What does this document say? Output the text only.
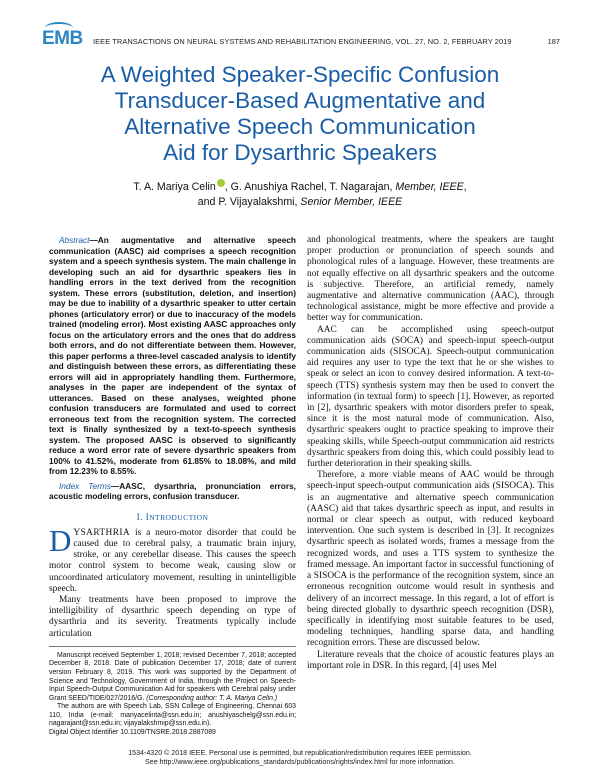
EMB IEEE TRANSACTIONS ON NEURAL SYSTEMS AND REHABILITATION ENGINEERING, VOL. 27, NO. 2, FEBRUARY 2019	187
A Weighted Speaker-Specific Confusion
Transducer-Based Augmentative and
Alternative Speech Communication
Aid for Dysarthric Speakers
T. A. Mariya Celin , G. Anushiya Rachel, T. Nagarajan, Member, IEEE,
and P. Vijayalakshmi, Senior Member, IEEE

Abstract—An augmentative and alternative speech communication (AASC) aid comprises a speech recognition system and a speech synthesis system. The main challenge in developing such an aid for dysarthric speakers lies in handling errors in the text derived from the recognition system. These errors (substitution, deletion, and insertion) may be due to inability of a dysarthric speaker to utter certain phones (articulatory error) or due to inaccuracy of the models trained (modeling error). Most existing AASC approaches only focus on the articulatory errors and the ones that do address both errors, and do not differentiate between them. However, this paper performs a three-level cascaded analysis to identify and distinguish between these errors, as differentiating these errors will aid in appropriately handling them. Furthermore, analyses in the paper are independent of the syntax of utterances. Based on these analyses, weighted phone confusion transducers are formulated and used to correct erroneous text from the recognition system. The corrected text is finally synthesized by a text-to-speech synthesis system. The proposed AASC is observed to significantly reduce a word error rate of severe dysarthric speakers from 100% to 41.52%, moderate from 61.85% to 18.08%, and mild from 12.23% to 8.55%.

Index Terms—AASC, dysarthria, pronunciation errors, acoustic modeling errors, confusion transducer.

I. INTRODUCTION

DYSARTHRIA is a neuro-motor disorder that could be caused due to cerebral palsy, a traumatic brain injury, stroke, or any cerebellar disease. This causes the speech motor control system to become weak, causing slow or uncoordinated articulatory movement, resulting in unintelligible speech.

Many treatments have been proposed to improve the intelligibility of dysarthric speech depending on type of dysarthria and its severity. Treatments typically include articulation

Manuscript received September 1, 2018; revised December 7, 2018; accepted December 8, 2018. Date of publication December 17, 2018; date of current version February 8, 2019. This work was supported by the Department of Science and Technology, Government of India, through the Project on Speech-Input Speech-Output Communication Aid for speakers with Cerebral palsy under Grant SEED/TIDE/027/2016/G. (Corresponding author: T. A. Mariya Celin.)

The authors are with Speech Lab, SSN College of Engineering, Chennai 603 110, India (e-mail: mariyacelinta@ssn.edu.in; anushiyaschelg@ssn.edu.in; nagarajant@ssn.edu.in; vijayalakshmip@ssn.edu.in).

Digital Object Identifier 10.1109/TNSRE.2018.2887089

and phonological treatments, where the speakers are taught proper production or pronunciation of speech sounds and phonological rules of a language. However, these treatments are not equally effective on all dysarthric speakers and the outcome is subjective. Therefore, an artificial remedy, namely augmentative and alternative communication (AAC), through technological assistance, might be more effective and provide a better way for communication.

AAC can be accomplished using speech-output communication aids (SOCA) and speech-input speech-output communication aids (SISOCA). Speech-output communication aid requires any user to type the text that he or she wishes to speak or select an icon to convey desired information. A text-to-speech (TTS) synthesis system may then be used to convert the information (in textual form) to speech [1]. However, as reported in [2], dysarthric speakers with motor disorders prefer to speak, since it is the most natural mode of communication. Also, dysarthric speakers ought to practice speaking to improve their speaking skills, while Speech-output communication aid restricts dysarthric speakers from doing this, which could possibly lead to further deterioration in their speaking skills.

Therefore, a more viable means of AAC would be through speech-input speech-output communication aids (SISOCA). This is an augmentative and alternative speech communication (AASC) aid that takes dysarthric speech as input, and results in normal or clear speech as output, with reduced keyboard intervention. One such system is described in [3]. It recognizes dysarthric speech as isolated words, frames a message from the recognized words, and uses a TTS system to synthesize the framed message. An important factor in successful functioning of a SISOCA is the performance of the recognition system, since an erroneous recognition outcome would result in synthesis and delivery of an incorrect message. In this regard, a lot of effort is being directed globally to dysarthric speech recognition (DSR), specifically in identifying most suitable features to be used, modeling techniques, handling sparse data, and handling recognition errors. These are discussed below.

Literature reveals that the choice of acoustic features plays an important role in DSR. In this regard, [4] uses Mel

1534-4320 © 2018 IEEE. Personal use is permitted, but republication/redistribution requires IEEE permission.
See http://www.ieee.org/publications_standards/publications/rights/index.html for more information.
